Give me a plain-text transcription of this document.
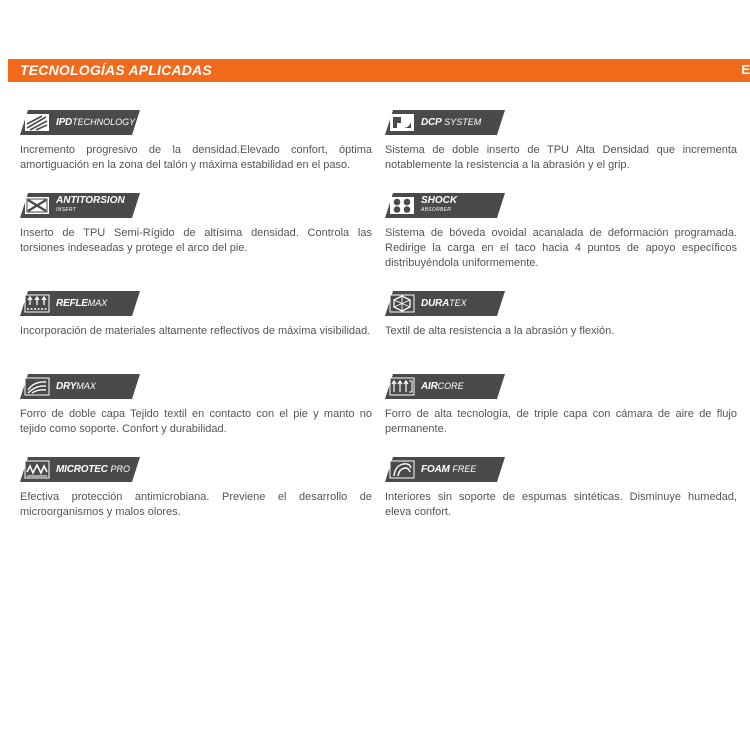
TECNOLOGÍAS APLICADAS	E
IPDTECHNOLOGY
Incremento progresivo de la densidad.Elevado confort, óptima amortiguación en la zona del talón y máxima estabilidad en el paso.
DCP SYSTEM
Sistema de doble inserto de TPU Alta Densidad que incrementa notablemente la resistencia a la abrasión y el grip.
ANTITORSION
INSERT
Inserto de TPU Semi-Rígido de altísima densidad. Controla las torsiones indeseadas y protege el arco del pie.
SHOCK
ABSORBER
Sistema de bóveda ovoidal acanalada de deformación programada. Redirige la carga en el taco hacia 4 puntos de apoyo específicos distribuyéndola uniformemente.
REFLEMAX
Incorporación de materiales altamente reflectivos de máxima visibilidad.
DURATEX
Textil de alta resistencia a la abrasión y flexión.
DRYMAX
Forro de doble capa Tejido textil en contacto con el pie y manto no tejido como soporte. Confort y durabilidad.
AIRCORE
Forro de alta tecnología, de triple capa con cámara de aire de flujo permanente.
MICROTEC PRO
Efectiva protección antimicrobiana. Previene el desarrollo de microorganismos y malos olores.
FOAM FREE
Interiores sin soporte de espumas sintéticas. Disminuye humedad, eleva confort.
